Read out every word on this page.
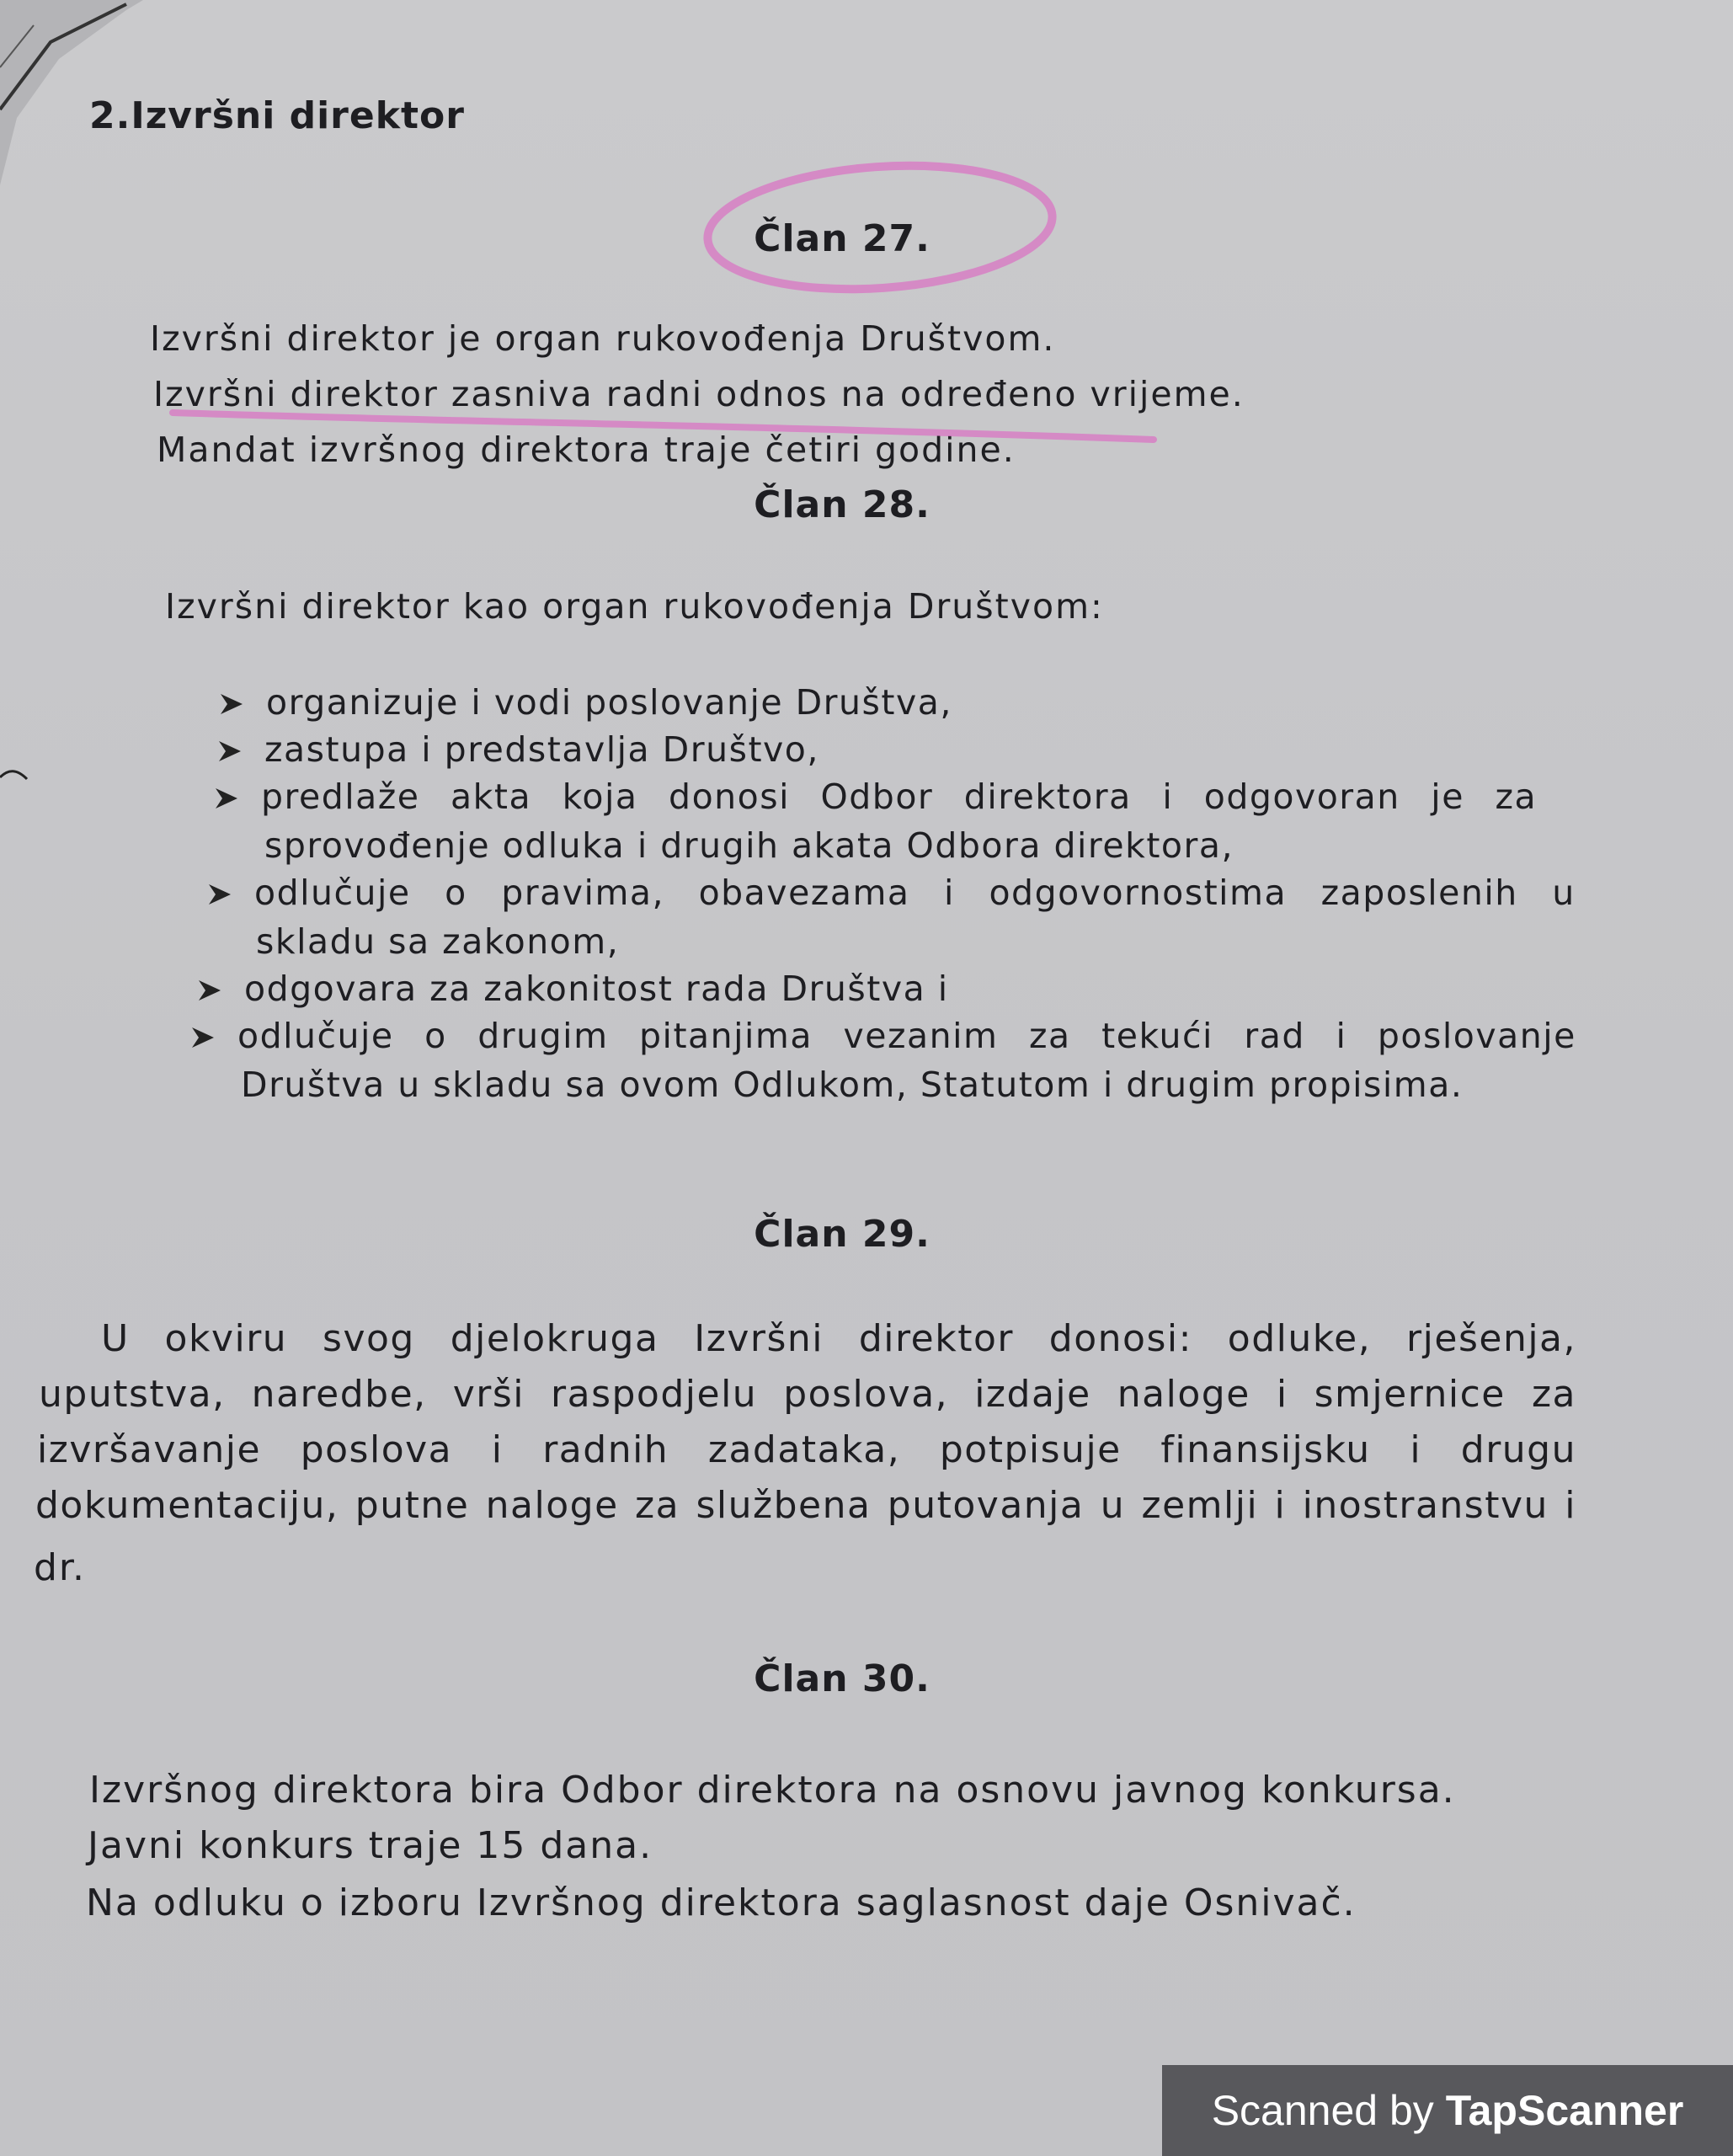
2.Izvršni direktor
Član 27.

Izvršni direktor je organ rukovođenja Društvom.

Izvršni direktor zasniva radni odnos na određeno vrijeme.

Mandat izvršnog direktora traje četiri godine.

Član 28.

Izvršni direktor kao organ rukovođenja Društvom:

organizuje i vodi poslovanje Društva,
zastupa i predstavlja Društvo,
predlaže akta koja donosi Odbor direktora i odgovoran je za
sprovođenje odluka i drugih akata Odbora direktora,
odlučuje o pravima, obavezama i odgovornostima zaposlenih u
skladu sa zakonom,
odgovara za zakonitost rada Društva i
odlučuje o drugim pitanjima vezanim za tekući rad i poslovanje
Društva u skladu sa ovom Odlukom, Statutom i drugim propisima.
Član 29.
U okviru svog djelokruga Izvršni direktor donosi: odluke, rješenja,
uputstva, naredbe, vrši raspodjelu poslova, izdaje naloge i smjernice za
izvršavanje poslova i radnih zadataka, potpisuje finansijsku i drugu
dokumentaciju, putne naloge za službena putovanja u zemlji i inostranstvu i
dr.
Član 30.

Izvršnog direktora bira Odbor direktora na osnovu javnog konkursa.

Javni konkurs traje 15 dana.

Na odluku o izboru Izvršnog direktora saglasnost daje Osnivač.

Scanned by TapScanner
